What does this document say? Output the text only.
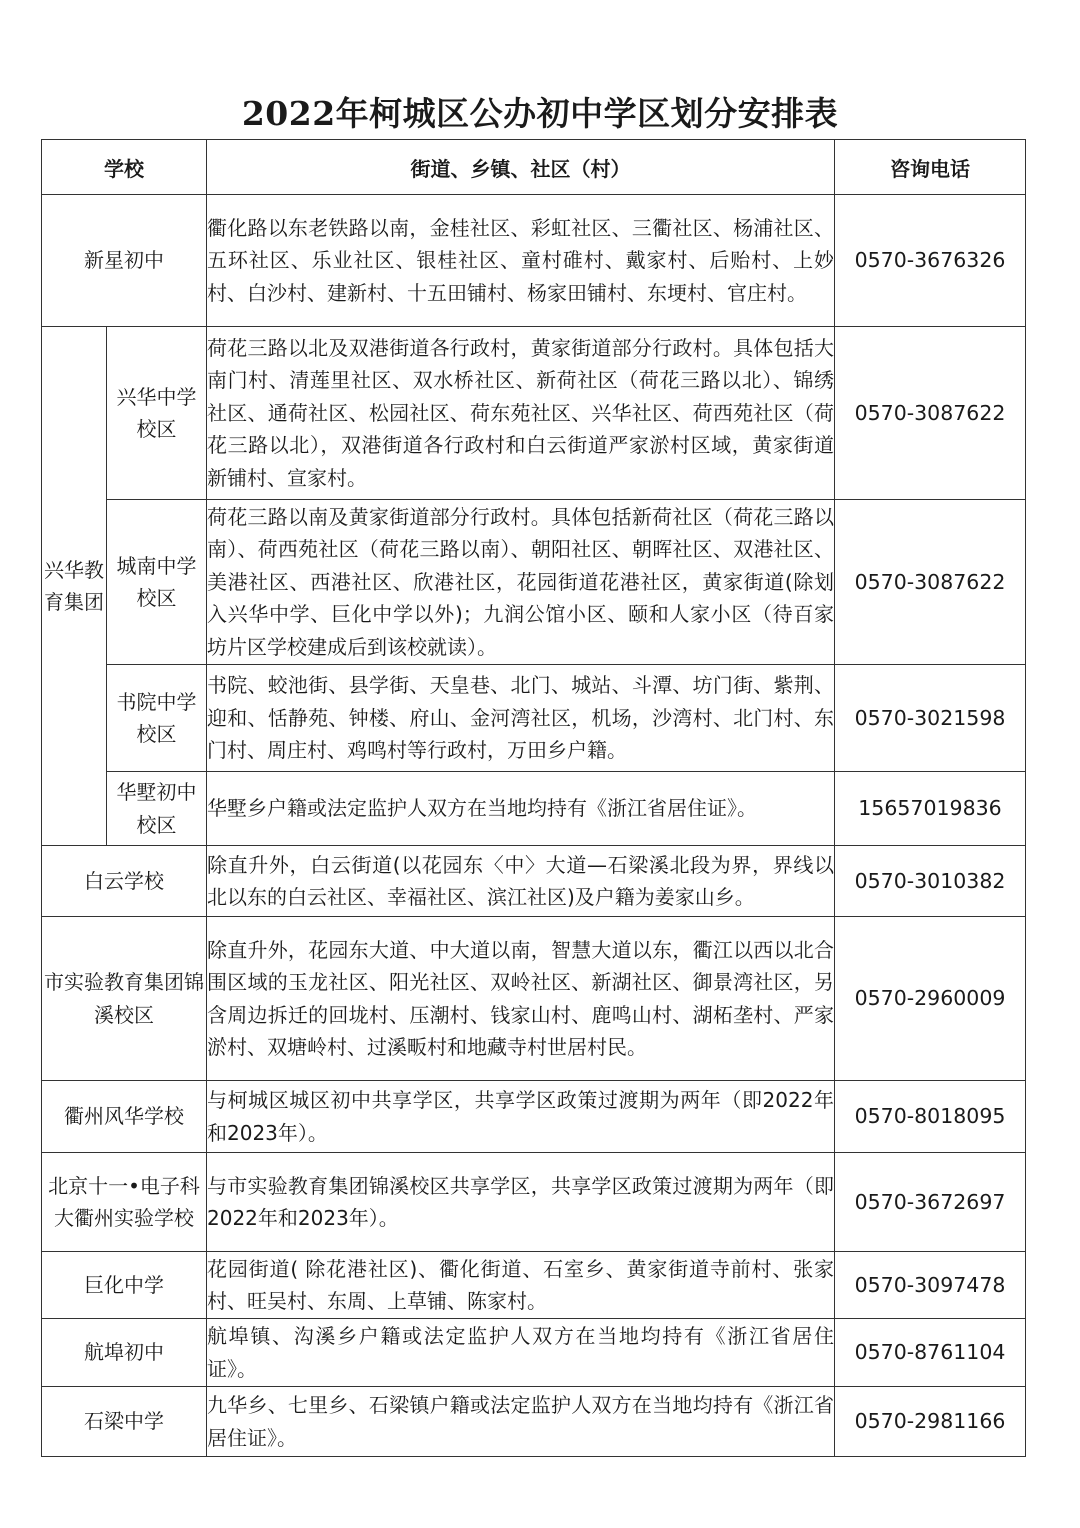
2022年柯城区公办初中学区划分安排表
学校		街道、乡镇、社区（村）	咨询电话
新星初中		衢化路以东老铁路以南，金桂社区、彩虹社区、三衢社区、杨浦社区、五环社区、乐业社区、银桂社区、童村碓村、戴家村、后贻村、上妙村、白沙村、建新村、十五田铺村、杨家田铺村、东埂村、官庄村。	0570-3676326
兴华教育集团	兴华中学校区	荷花三路以北及双港街道各行政村，黄家街道部分行政村。具体包括大南门村、清莲里社区、双水桥社区、新荷社区（荷花三路以北）、锦绣社区、通荷社区、松园社区、荷东苑社区、兴华社区、荷西苑社区（荷花三路以北），双港街道各行政村和白云街道严家淤村区域，黄家街道新铺村、宣家村。	0570-3087622
	城南中学校区	荷花三路以南及黄家街道部分行政村。具体包括新荷社区（荷花三路以南）、荷西苑社区（荷花三路以南）、朝阳社区、朝晖社区、双港社区、美港社区、西港社区、欣港社区，花园街道花港社区，黄家街道(除划入兴华中学、巨化中学以外)；九润公馆小区、颐和人家小区（待百家坊片区学校建成后到该校就读）。	0570-3087622
	书院中学校区	书院、蛟池街、县学街、天皇巷、北门、城站、斗潭、坊门街、紫荆、迎和、恬静苑、钟楼、府山、金河湾社区，机场，沙湾村、北门村、东门村、周庄村、鸡鸣村等行政村，万田乡户籍。	0570-3021598
	华墅初中校区	华墅乡户籍或法定监护人双方在当地均持有《浙江省居住证》。	15657019836
白云学校		除直升外，白云街道(以花园东〈中〉大道—石梁溪北段为界，界线以北以东的白云社区、幸福社区、滨江社区)及户籍为姜家山乡。	0570-3010382
市实验教育集团锦溪校区		除直升外，花园东大道、中大道以南，智慧大道以东，衢江以西以北合围区域的玉龙社区、阳光社区、双岭社区、新湖社区、御景湾社区，另含周边拆迁的回垅村、压潮村、钱家山村、鹿鸣山村、湖柘垄村、严家淤村、双塘岭村、过溪畈村和地藏寺村世居村民。	0570-2960009
衢州风华学校		与柯城区城区初中共享学区，共享学区政策过渡期为两年（即2022年和2023年）。	0570-8018095
北京十一•电子科大衢州实验学校		与市实验教育集团锦溪校区共享学区，共享学区政策过渡期为两年（即2022年和2023年）。	0570-3672697
巨化中学		花园街道( 除花港社区)、衢化街道、石室乡、黄家街道寺前村、张家村、旺吴村、东周、上草铺、陈家村。	0570-3097478
航埠初中		航埠镇、沟溪乡户籍或法定监护人双方在当地均持有《浙江省居住证》。	0570-8761104
石梁中学		九华乡、七里乡、石梁镇户籍或法定监护人双方在当地均持有《浙江省居住证》。	0570-2981166
